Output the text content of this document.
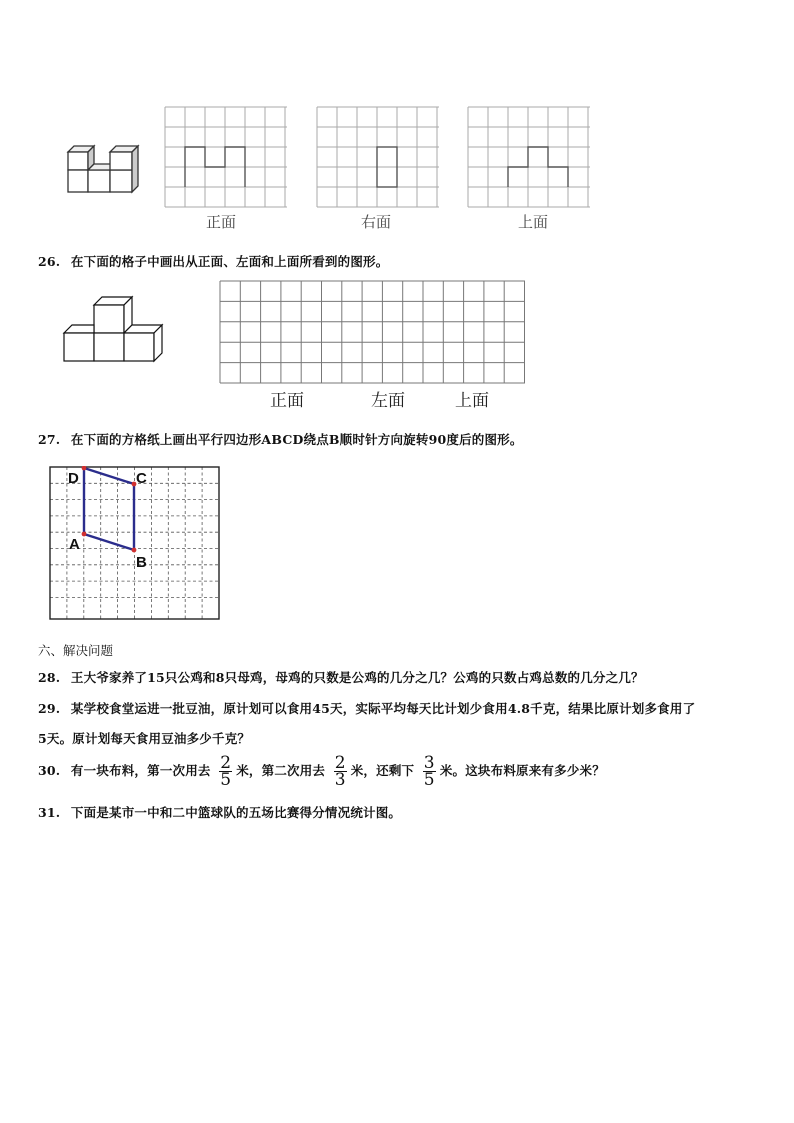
正面	右面	上面
26. 在下面的格子中画出从正面、左面和上面所看到的图形。
正面	左面	上面
27. 在下面的方格纸上画出平行四边形ABCD绕点B顺时针方向旋转90度后的图形。
D	C
A
B
六、解决问题
28. 王大爷家养了15只公鸡和8只母鸡，母鸡的只数是公鸡的几分之几？公鸡的只数占鸡总数的几分之几？
29. 某学校食堂运进一批豆油，原计划可以食用45天，实际平均每天比计划少食用4.8千克，结果比原计划多食用了
5天。原计划每天食用豆油多少千克？
30. 有一块布料，第一次用去 $\frac{2}{5}$ 米，第二次用去 $\frac{2}{3}$ 米，还剩下 $\frac{3}{5}$ 米。这块布料原来有多少米？
31. 下面是某市一中和二中篮球队的五场比赛得分情况统计图。
